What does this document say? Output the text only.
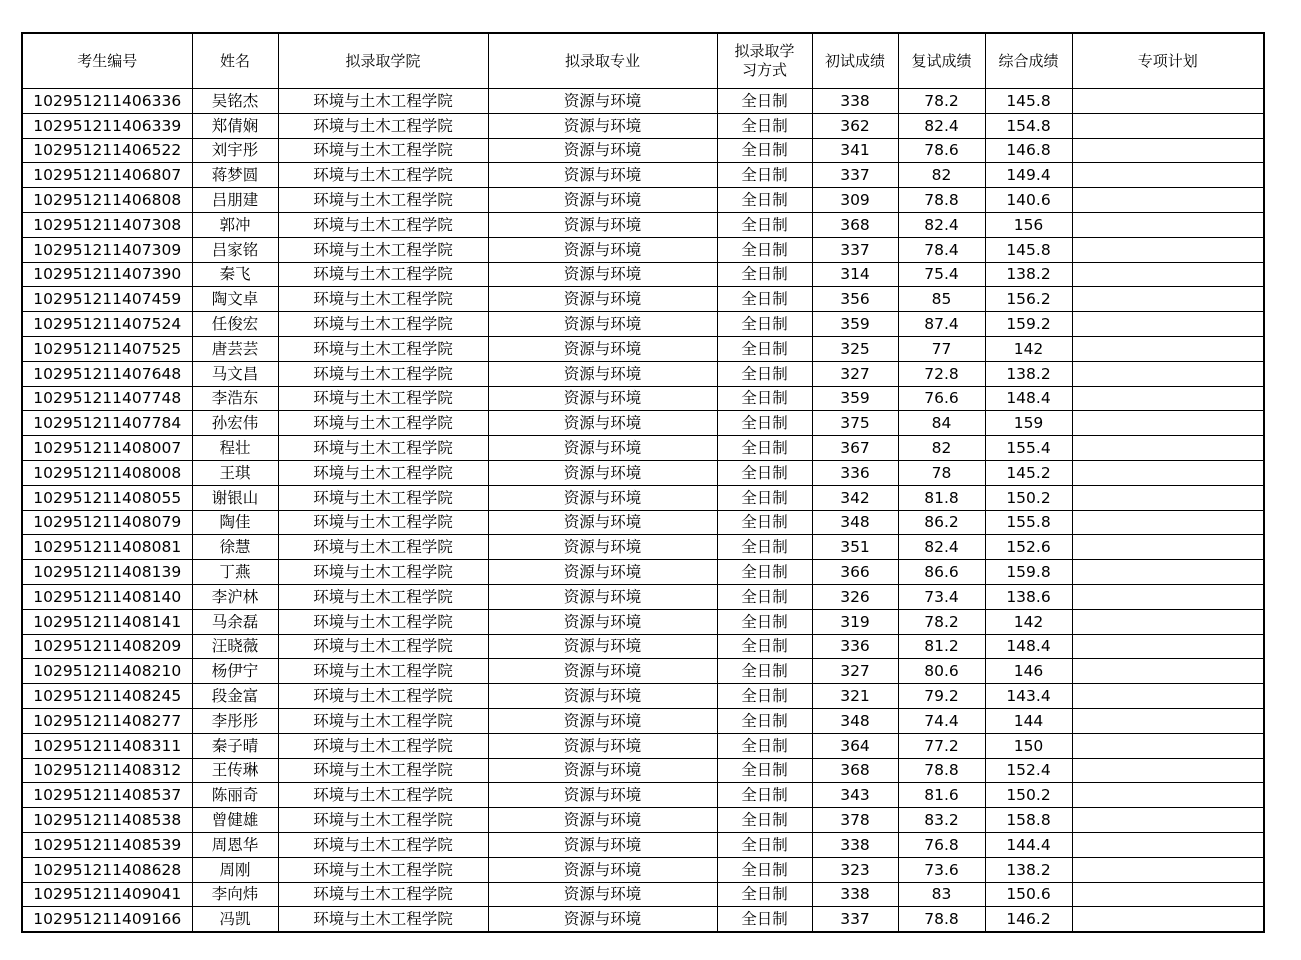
考生编号	姓名	拟录取学院	拟录取专业	拟录取学习方式	初试成绩	复试成绩	综合成绩	专项计划
102951211406336	吴铭杰	环境与土木工程学院	资源与环境	全日制	338	78.2	145.8	
102951211406339	郑倩娴	环境与土木工程学院	资源与环境	全日制	362	82.4	154.8	
102951211406522	刘宇彤	环境与土木工程学院	资源与环境	全日制	341	78.6	146.8	
102951211406807	蒋梦圆	环境与土木工程学院	资源与环境	全日制	337	82	149.4	
102951211406808	吕朋建	环境与土木工程学院	资源与环境	全日制	309	78.8	140.6	
102951211407308	郭冲	环境与土木工程学院	资源与环境	全日制	368	82.4	156	
102951211407309	吕家铭	环境与土木工程学院	资源与环境	全日制	337	78.4	145.8	
102951211407390	秦飞	环境与土木工程学院	资源与环境	全日制	314	75.4	138.2	
102951211407459	陶文卓	环境与土木工程学院	资源与环境	全日制	356	85	156.2	
102951211407524	任俊宏	环境与土木工程学院	资源与环境	全日制	359	87.4	159.2	
102951211407525	唐芸芸	环境与土木工程学院	资源与环境	全日制	325	77	142	
102951211407648	马文昌	环境与土木工程学院	资源与环境	全日制	327	72.8	138.2	
102951211407748	李浩东	环境与土木工程学院	资源与环境	全日制	359	76.6	148.4	
102951211407784	孙宏伟	环境与土木工程学院	资源与环境	全日制	375	84	159	
102951211408007	程壮	环境与土木工程学院	资源与环境	全日制	367	82	155.4	
102951211408008	王琪	环境与土木工程学院	资源与环境	全日制	336	78	145.2	
102951211408055	谢银山	环境与土木工程学院	资源与环境	全日制	342	81.8	150.2	
102951211408079	陶佳	环境与土木工程学院	资源与环境	全日制	348	86.2	155.8	
102951211408081	徐慧	环境与土木工程学院	资源与环境	全日制	351	82.4	152.6	
102951211408139	丁燕	环境与土木工程学院	资源与环境	全日制	366	86.6	159.8	
102951211408140	李沪林	环境与土木工程学院	资源与环境	全日制	326	73.4	138.6	
102951211408141	马余磊	环境与土木工程学院	资源与环境	全日制	319	78.2	142	
102951211408209	汪晓薇	环境与土木工程学院	资源与环境	全日制	336	81.2	148.4	
102951211408210	杨伊宁	环境与土木工程学院	资源与环境	全日制	327	80.6	146	
102951211408245	段金富	环境与土木工程学院	资源与环境	全日制	321	79.2	143.4	
102951211408277	李彤彤	环境与土木工程学院	资源与环境	全日制	348	74.4	144	
102951211408311	秦子晴	环境与土木工程学院	资源与环境	全日制	364	77.2	150	
102951211408312	王传琳	环境与土木工程学院	资源与环境	全日制	368	78.8	152.4	
102951211408537	陈丽奇	环境与土木工程学院	资源与环境	全日制	343	81.6	150.2	
102951211408538	曾健雄	环境与土木工程学院	资源与环境	全日制	378	83.2	158.8	
102951211408539	周恩华	环境与土木工程学院	资源与环境	全日制	338	76.8	144.4	
102951211408628	周刚	环境与土木工程学院	资源与环境	全日制	323	73.6	138.2	
102951211409041	李向炜	环境与土木工程学院	资源与环境	全日制	338	83	150.6	
102951211409166	冯凯	环境与土木工程学院	资源与环境	全日制	337	78.8	146.2	
